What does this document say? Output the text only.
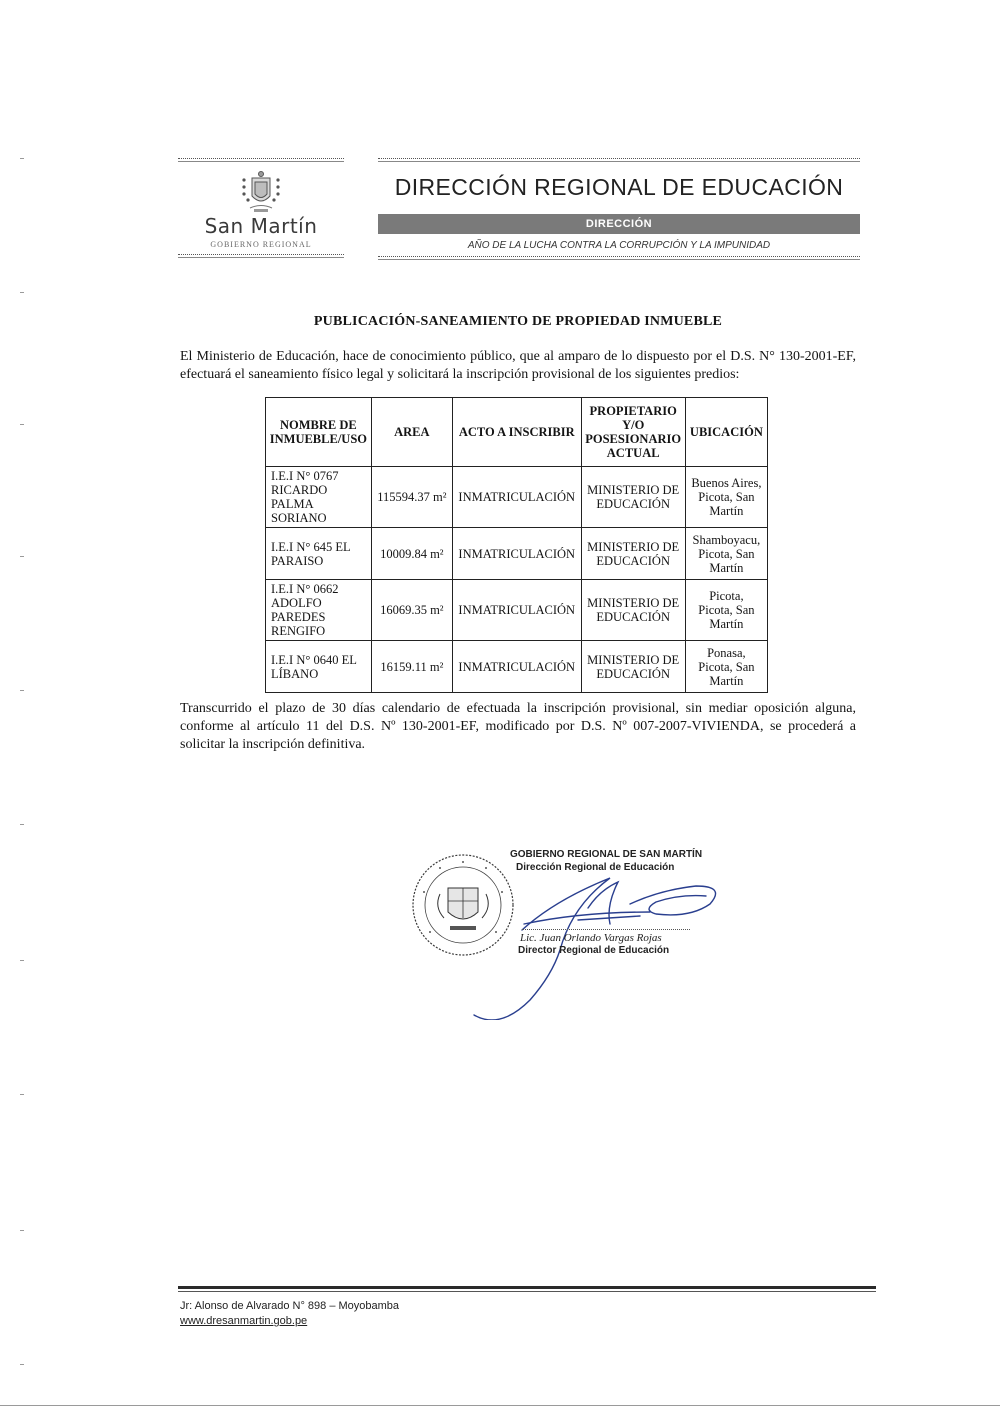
San Martín
GOBIERNO REGIONAL
DIRECCIÓN REGIONAL DE EDUCACIÓN
DIRECCIÓN
AÑO DE LA LUCHA CONTRA LA CORRUPCIÓN Y LA IMPUNIDAD
PUBLICACIÓN-SANEAMIENTO DE PROPIEDAD INMUEBLE
El Ministerio de Educación, hace de conocimiento público, que al amparo de lo dispuesto por el D.S. N° 130-2001-EF, efectuará el saneamiento físico legal y solicitará la inscripción provisional de los siguientes predios:
NOMBRE DE INMUEBLE/USO	AREA	ACTO A INSCRIBIR	PROPIETARIO Y/O POSESIONARIO ACTUAL	UBICACIÓN
I.E.I N° 0767 RICARDO PALMA SORIANO	115594.37 m²	INMATRICULACIÓN	MINISTERIO DE EDUCACIÓN	Buenos Aires, Picota, San Martín
I.E.I N° 645 EL PARAISO	10009.84 m²	INMATRICULACIÓN	MINISTERIO DE EDUCACIÓN	Shamboyacu, Picota, San Martín
I.E.I N° 0662 ADOLFO PAREDES RENGIFO	16069.35 m²	INMATRICULACIÓN	MINISTERIO DE EDUCACIÓN	Picota, Picota, San Martín
I.E.I N° 0640 EL LÍBANO	16159.11 m²	INMATRICULACIÓN	MINISTERIO DE EDUCACIÓN	Ponasa, Picota, San Martín
Transcurrido el plazo de 30 días calendario de efectuada la inscripción provisional, sin mediar oposición alguna, conforme al artículo 11 del D.S. Nº 130-2001-EF, modificado por D.S. Nº 007-2007-VIVIENDA, se procederá a solicitar la inscripción definitiva.
GOBIERNO REGIONAL DE SAN MARTÍN
Dirección Regional de Educación
Lic. Juan Orlando Vargas Rojas
Director Regional de Educación
Jr: Alonso de Alvarado N° 898 – Moyobamba
www.dresanmartin.gob.pe
